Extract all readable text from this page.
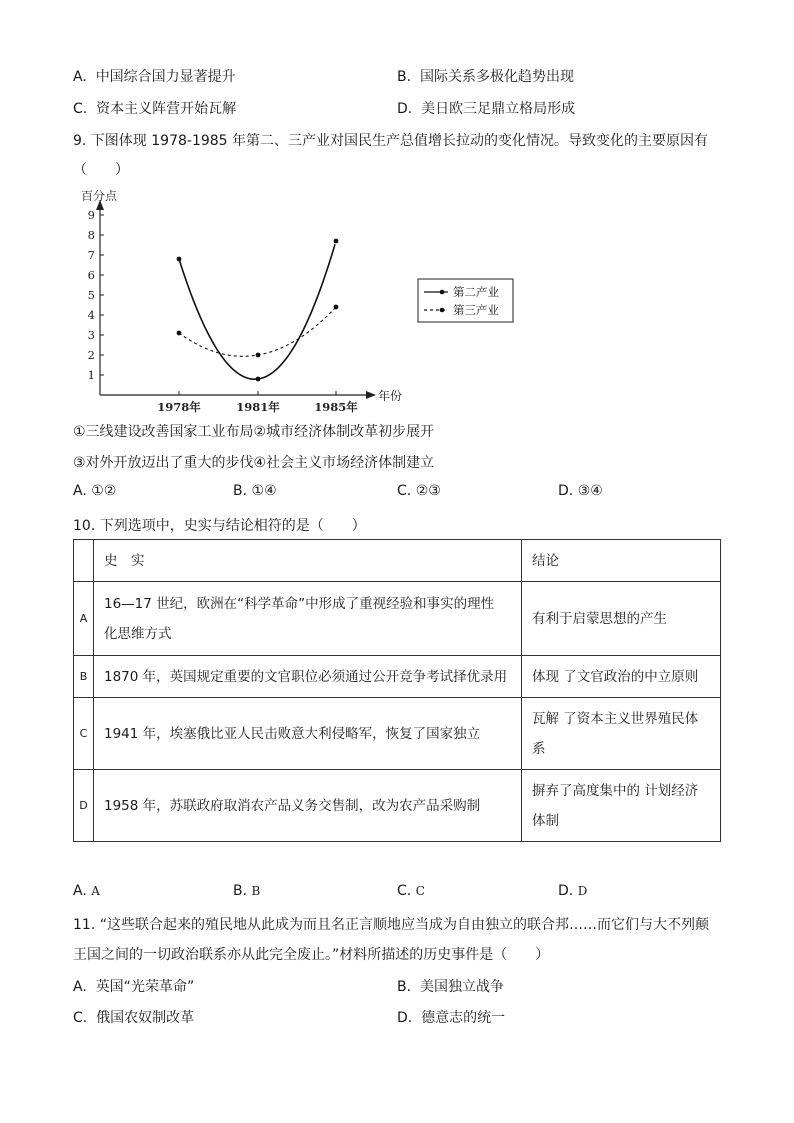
A. 中国综合国力显著提升	B. 国际关系多极化趋势出现
C. 资本主义阵营开始瓦解	D. 美日欧三足鼎立格局形成
9. 下图体现 1978-1985 年第二、三产业对国民生产总值增长拉动的变化情况。导致变化的主要原因有
（　　）
百分点
年份
1
2
3
4
5
6
7
8
9
1978年	1981年	1985年
第二产业
第三产业
①三线建设改善国家工业布局②城市经济体制改革初步展开
③对外开放迈出了重大的步伐④社会主义市场经济体制建立
A. ①②	B. ①④	C. ②③	D. ③④
10. 下列选项中，史实与结论相符的是（　　）
	史　实	结论
A	16—17 世纪，欧洲在“科学革命”中形成了重视经验和事实的理性
化思维方式	有利于启蒙思想的产生

B	1870 年，英国规定重要的文官职位必须通过公开竞争考试择优录用	体现 了文官政治的中立原则

C	1941 年，埃塞俄比亚人民击败意大利侵略军，恢复了国家独立	瓦解 了资本主义世界殖民体
系

D	1958 年，苏联政府取消农产品义务交售制，改为农产品采购制	摒弃了高度集中的 计划经济
体制
A. A	B. B	C. C	D. D
11. “这些联合起来的殖民地从此成为而且名正言顺地应当成为自由独立的联合邦……而它们与大不列颠
王国之间的一切政治联系亦从此完全废止。”材料所描述的历史事件是（　　）
A. 英国“光荣革命”	B. 美国独立战争
C. 俄国农奴制改革	D. 德意志的统一
